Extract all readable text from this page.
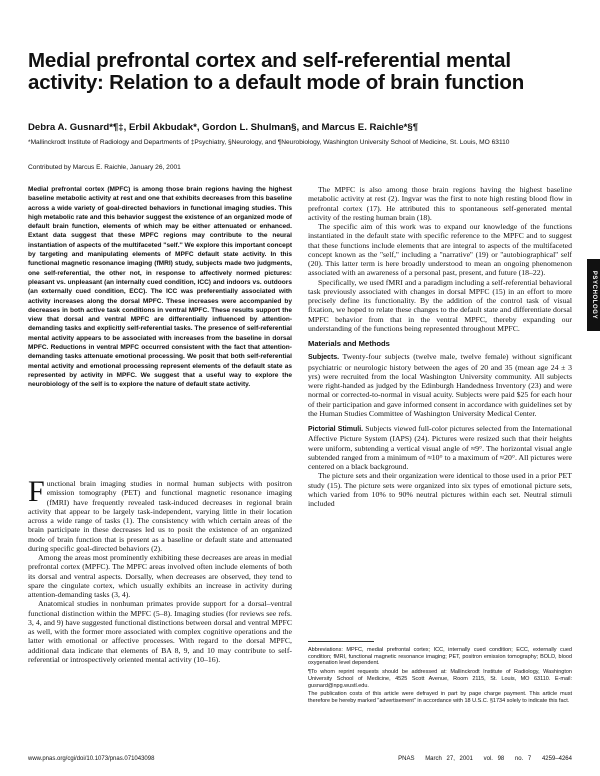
Medial prefrontal cortex and self-referential mental activity: Relation to a default mode of brain function
Debra A. Gusnard*¶‡, Erbil Akbudak*, Gordon L. Shulman§, and Marcus E. Raichle*§¶
*Mallinckrodt Institute of Radiology and Departments of ‡Psychiatry, §Neurology, and ¶Neurobiology, Washington University School of Medicine, St. Louis, MO 63110
Contributed by Marcus E. Raichle, January 26, 2001
Medial prefrontal cortex (MPFC) is among those brain regions having the highest baseline metabolic activity at rest and one that exhibits decreases from this baseline across a wide variety of goal-directed behaviors in functional imaging studies. This high metabolic rate and this behavior suggest the existence of an organized mode of default brain function, elements of which may be either attenuated or enhanced. Extant data suggest that these MPFC regions may contribute to the neural instantiation of aspects of the multifaceted ''self.'' We explore this important concept by targeting and manipulating elements of MPFC default state activity. In this functional magnetic resonance imaging (fMRI) study, subjects made two judgments, one self-referential, the other not, in response to affectively normed pictures: pleasant vs. unpleasant (an internally cued condition, ICC) and indoors vs. outdoors (an externally cued condition, ECC). The ICC was preferentially associated with activity increases along the dorsal MPFC. These increases were accompanied by decreases in both active task conditions in ventral MPFC. These results support the view that dorsal and ventral MPFC are differentially influenced by attention-demanding tasks and explicitly self-referential tasks. The presence of self-referential mental activity appears to be associated with increases from the baseline in dorsal MPFC. Reductions in ventral MPFC occurred consistent with the fact that attention-demanding tasks attenuate emotional processing. We posit that both self-referential mental activity and emotional processing represent elements of the default state as represented by activity in MPFC. We suggest that a useful way to explore the neurobiology of the self is to explore the nature of default state activity.

Functional brain imaging studies in normal human subjects with positron emission tomography (PET) and functional magnetic resonance imaging (fMRI) have frequently revealed task-induced decreases in regional brain activity that appear to be largely task-independent, varying little in their location across a wide range of tasks (1). The consistency with which certain areas of the brain participate in these decreases led us to posit the existence of an organized mode of brain function that is present as a baseline or default state and attenuated during specific goal-directed behaviors (2).

Among the areas most prominently exhibiting these decreases are areas in medial prefrontal cortex (MPFC). The MPFC areas involved often include elements of both its dorsal and ventral aspects. Dorsally, when decreases are observed, they tend to spare the cingulate cortex, which usually exhibits an increase in activity during attention-demanding tasks (3, 4).

Anatomical studies in nonhuman primates provide support for a dorsal–ventral functional distinction within the MPFC (5–8). Imaging studies (for reviews see refs. 3, 4, and 9) have suggested functional distinctions between dorsal and ventral MPFC as well, with the former more associated with complex cognitive operations and the latter with emotional or affective processes. With regard to the dorsal MPFC, additional data indicate that elements of BA 8, 9, and 10 may contribute to self-referential or introspectively oriented mental activity (10–16).

The MPFC is also among those brain regions having the highest baseline metabolic activity at rest (2). Ingvar was the first to note high resting blood flow in prefrontal cortex (17). He attributed this to spontaneous self-generated mental activity of the resting human brain (18).

The specific aim of this work was to expand our knowledge of the functions instantiated in the default state with specific reference to the MPFC and to suggest that these functions include elements that are integral to aspects of the multifaceted concept known as the ''self,'' including a ''narrative'' (19) or ''autobiographical'' self (20). This latter term is here broadly understood to mean an ongoing phenomenon associated with an awareness of a personal past, present, and future (18–22).

Specifically, we used fMRI and a paradigm including a self-referential behavioral task previously associated with changes in dorsal MPFC (15) in an effort to more precisely define its functionality. By the addition of the control task of visual fixation, we hoped to relate these changes to the default state and differentiate dorsal MPFC behavior from that in the ventral MPFC, thereby expanding our understanding of the functions being represented throughout MPFC.

Materials and Methods

Subjects. Twenty-four subjects (twelve male, twelve female) without significant psychiatric or neurologic history between the ages of 20 and 35 (mean age 24 ± 3 yrs) were recruited from the local Washington University community. All subjects were right-handed as judged by the Edinburgh Handedness Inventory (23) and were normal or corrected-to-normal in visual acuity. Subjects were paid $25 for each hour of their participation and gave informed consent in accordance with guidelines set by the Human Studies Committee of Washington University Medical Center.

Pictorial Stimuli. Subjects viewed full-color pictures selected from the International Affective Picture System (IAPS) (24). Pictures were resized such that their heights were uniform, subtending a vertical visual angle of ≈9°. The horizontal visual angle subtended ranged from a minimum of ≈10° to a maximum of ≈20°. All pictures were centered on a black background.

The picture sets and their organization were identical to those used in a prior PET study (15). The picture sets were organized into six types of emotional picture sets, which varied from 10% to 90% neutral pictures within each set. Neutral stimuli included

Abbreviations: MPFC, medial prefrontal cortex; ICC, internally cued condition; ECC, externally cued condition; fMRI, functional magnetic resonance imaging; PET, positron emission tomography; BOLD, blood oxygenation level dependent.

¶To whom reprint requests should be addressed at: Mallinckrodt Institute of Radiology, Washington University School of Medicine, 4525 Scott Avenue, Room 2115, St. Louis, MO 63110. E-mail: gusnard@npg.wustl.edu.

The publication costs of this article were defrayed in part by page charge payment. This article must therefore be hereby marked "advertisement" in accordance with 18 U.S.C. §1734 solely to indicate this fact.

www.pnas.org/cgi/doi/10.1073/pnas.071043098	PNAS March 27, 2001 vol. 98 no. 7 4259–4264
PSYCHOLOGY
